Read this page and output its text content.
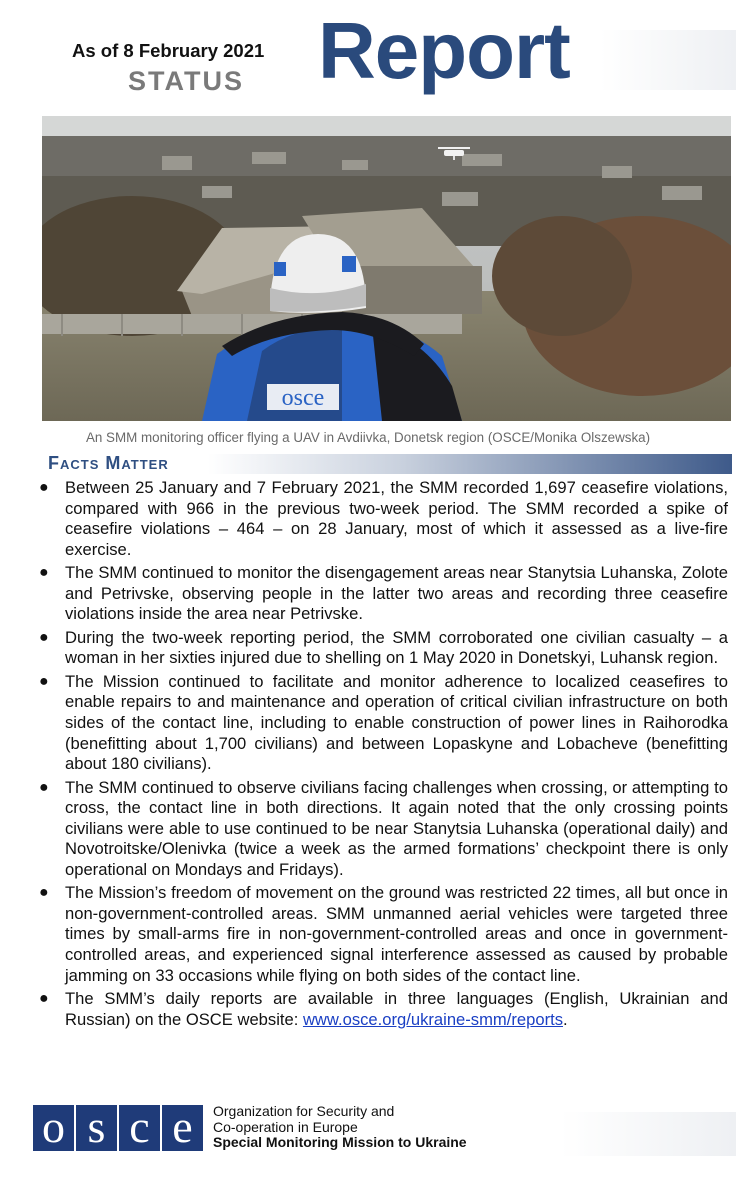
As of 8 February 2021
STATUS Report
osce
An SMM monitoring officer flying a UAV in Avdiivka, Donetsk region (OSCE/Monika Olszewska)
Facts Matter
● Between 25 January and 7 February 2021, the SMM recorded 1,697 ceasefire violations, compared with 966 in the previous two-week period. The SMM recorded a spike of ceasefire violations – 464 – on 28 January, most of which it assessed as a live-fire exercise.
● The SMM continued to monitor the disengagement areas near Stanytsia Luhanska, Zolote and Petrivske, observing people in the latter two areas and recording three ceasefire violations inside the area near Petrivske.
● During the two-week reporting period, the SMM corroborated one civilian casualty – a woman in her sixties injured due to shelling on 1 May 2020 in Donetskyi, Luhansk region.
● The Mission continued to facilitate and monitor adherence to localized ceasefires to enable repairs to and maintenance and operation of critical civilian infrastructure on both sides of the contact line, including to enable construction of power lines in Raihorodka (benefitting about 1,700 civilians) and between Lopaskyne and Lobacheve (benefitting about 180 civilians).
● The SMM continued to observe civilians facing challenges when crossing, or attempting to cross, the contact line in both directions. It again noted that the only crossing points civilians were able to use continued to be near Stanytsia Luhanska (operational daily) and Novotroitske/Olenivka (twice a week as the armed formations’ checkpoint there is only operational on Mondays and Fridays).
● The Mission’s freedom of movement on the ground was restricted 22 times, all but once in non-government-controlled areas. SMM unmanned aerial vehicles were targeted three times by small-arms fire in non-government-controlled areas and once in government-controlled areas, and experienced signal interference assessed as caused by probable jamming on 33 occasions while flying on both sides of the contact line.
● The SMM’s daily reports are available in three languages (English, Ukrainian and Russian) on the OSCE website: www.osce.org/ukraine-smm/reports.
o s c e	Organization for Security and
Co-operation in Europe
Special Monitoring Mission to Ukraine
